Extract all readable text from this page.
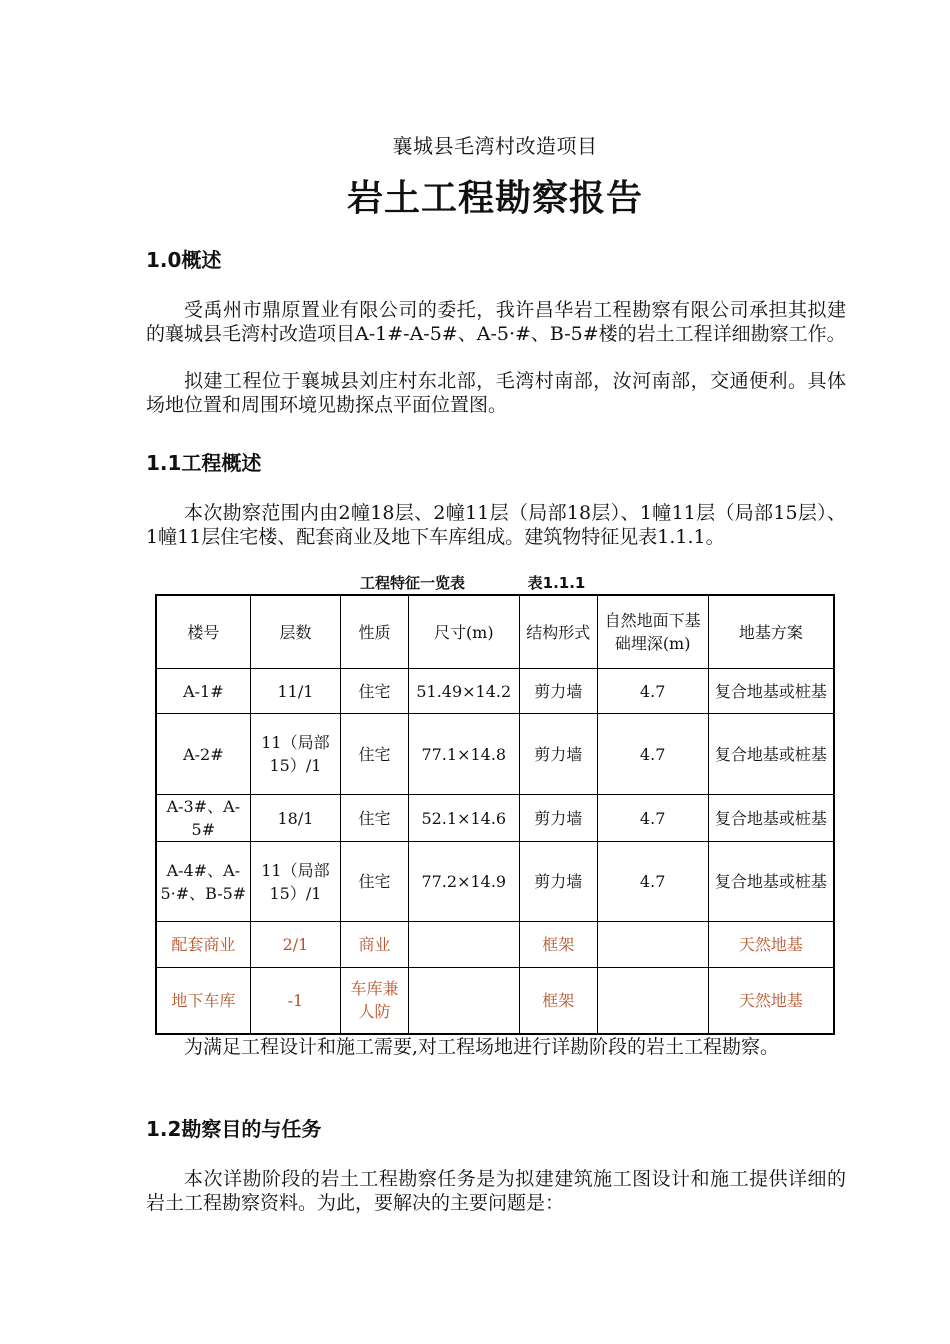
襄城县毛湾村改造项目
岩土工程勘察报告
1.0概述
受禹州市鼎原置业有限公司的委托，我许昌华岩工程勘察有限公司承担其拟建的襄城县毛湾村改造项目A-1#-A-5#、A-5·#、B-5#楼的岩土工程详细勘察工作。
拟建工程位于襄城县刘庄村东北部，毛湾村南部，汝河南部，交通便利。具体场地位置和周围环境见勘探点平面位置图。
1.1工程概述
本次勘察范围内由2幢18层、2幢11层（局部18层）、1幢11层（局部15层）、1幢11层住宅楼、配套商业及地下车库组成。建筑物特征见表1.1.1。
工程特征一览表            表1.1.1
楼号	层数	性质	尺寸(m)	结构形式	自然地面下基础埋深(m)	地基方案
A-1#	11/1	住宅	51.49×14.2	剪力墙	4.7	复合地基或桩基
A-2#	11（局部15）/1	住宅	77.1×14.8	剪力墙	4.7	复合地基或桩基
A-3#、A-5#	18/1	住宅	52.1×14.6	剪力墙	4.7	复合地基或桩基
A-4#、A-5·#、B-5#	11（局部15）/1	住宅	77.2×14.9	剪力墙	4.7	复合地基或桩基
配套商业	2/1	商业		框架		天然地基
地下车库	-1	车库兼人防		框架		天然地基
为满足工程设计和施工需要,对工程场地进行详勘阶段的岩土工程勘察。
1.2勘察目的与任务
本次详勘阶段的岩土工程勘察任务是为拟建建筑施工图设计和施工提供详细的岩土工程勘察资料。为此，要解决的主要问题是：
